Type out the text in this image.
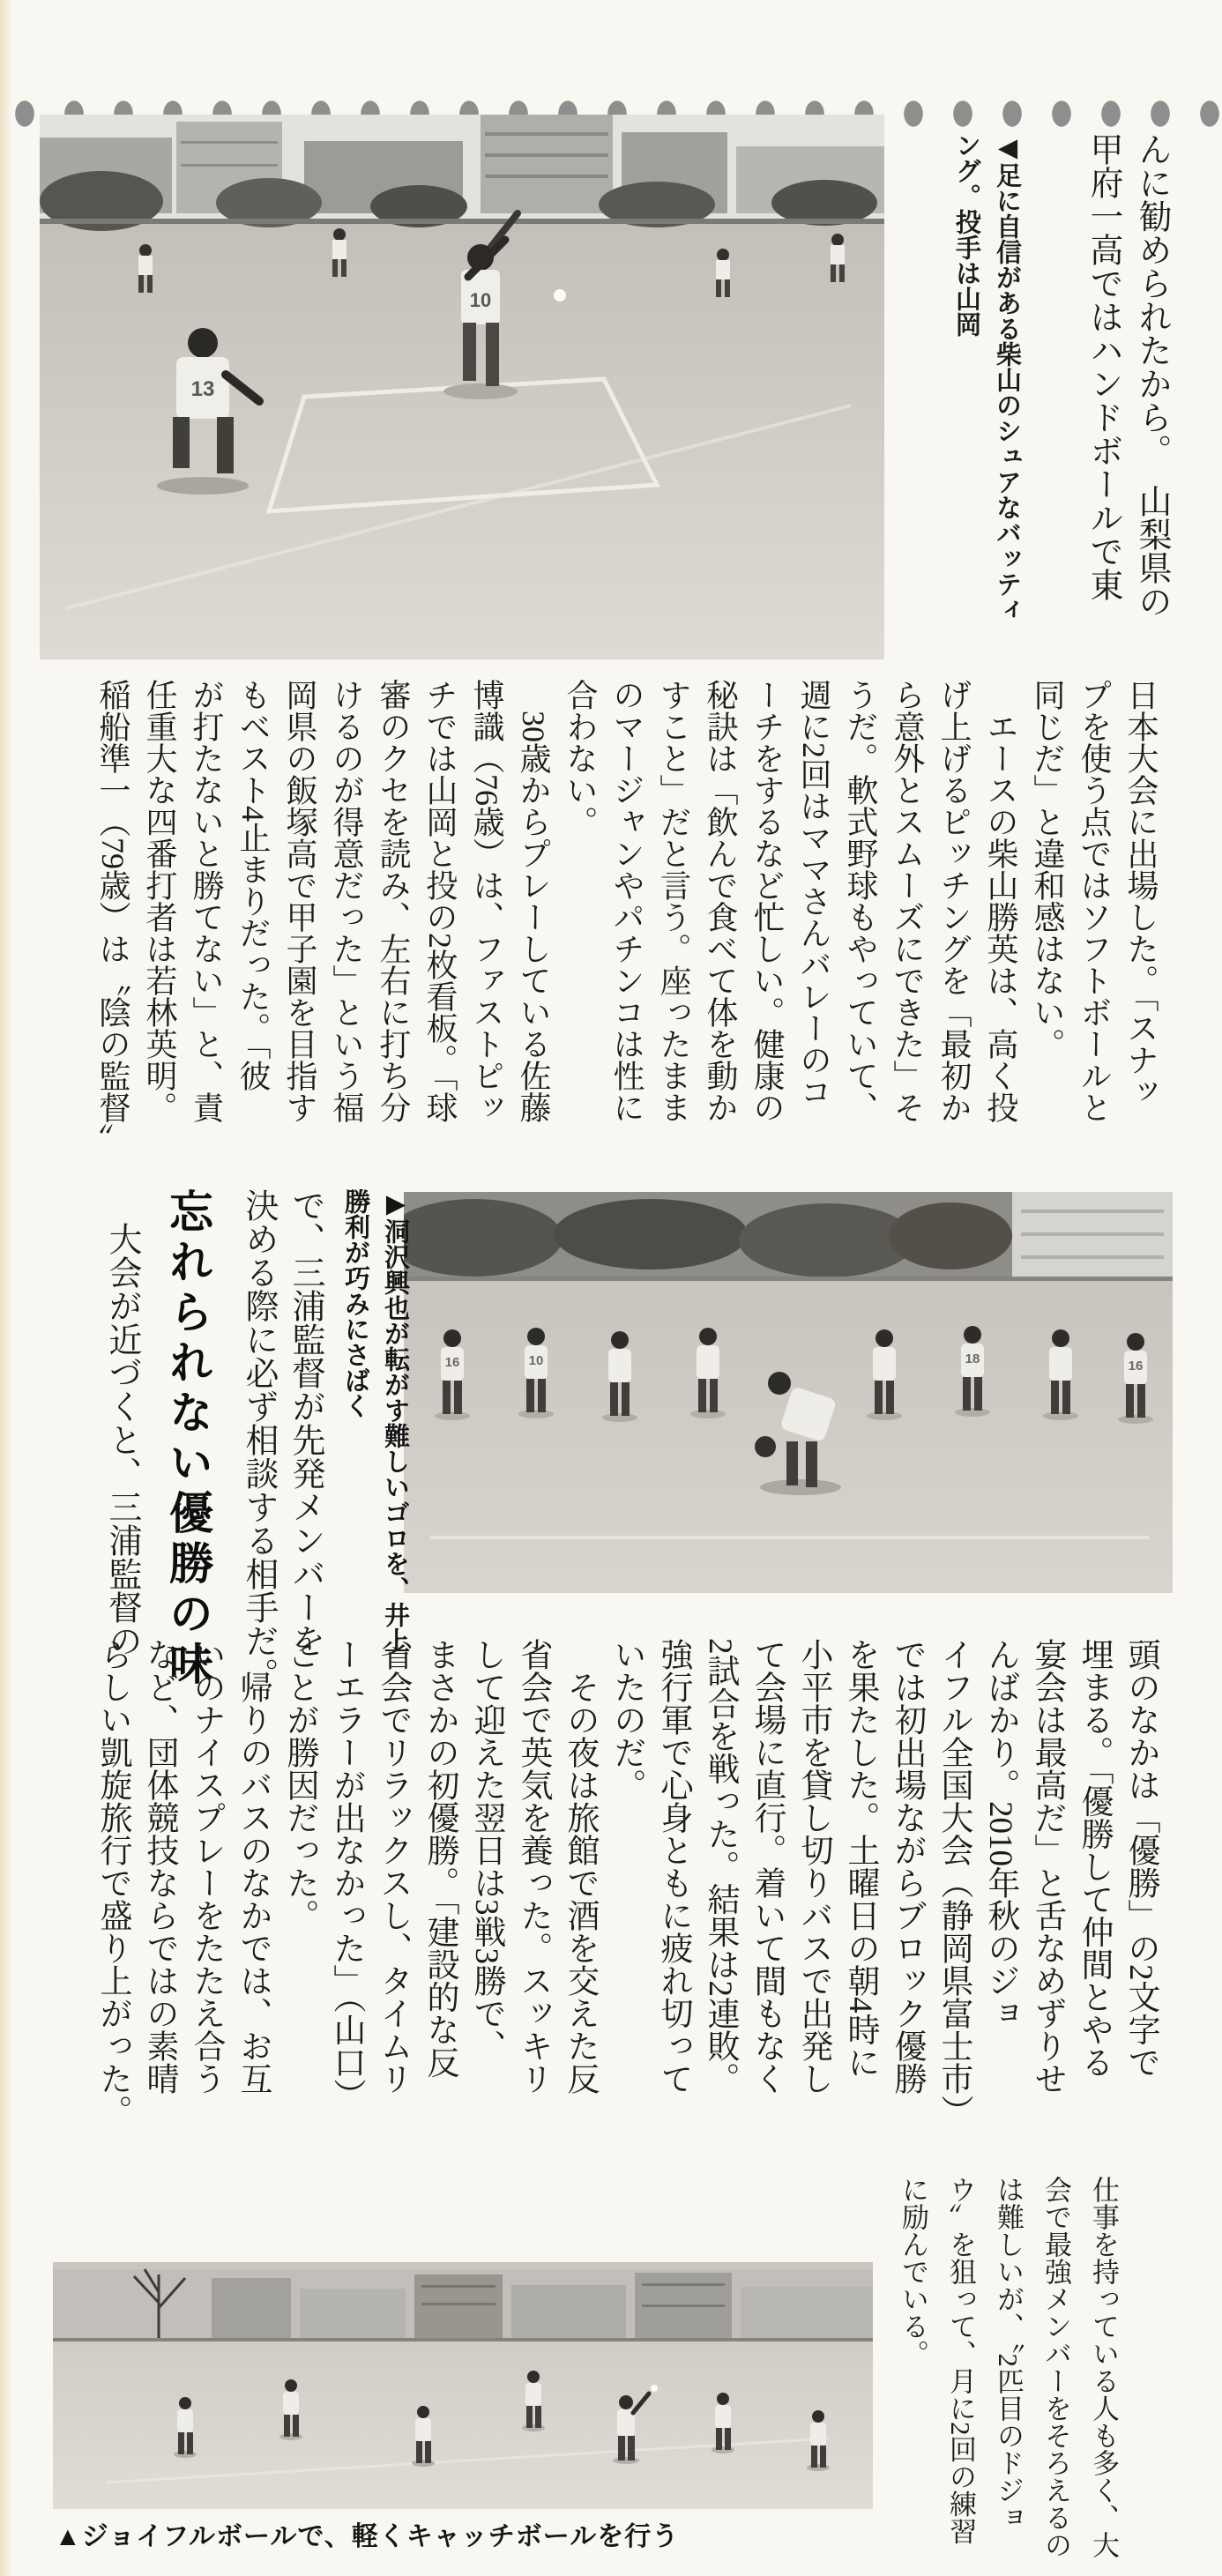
10
13	んに勧められたから。　山梨県の

甲府一高ではハンドボールで東

◀足に自信がある柴山のシュアなバッティ

ング。投手は山岡

日本大会に出場した。「スナッ

プを使う点ではソフトボールと

同じだ」と違和感はない。

　エースの柴山勝英は、高く投

げ上げるピッチングを「最初か

ら意外とスムーズにできた」そ

うだ。軟式野球もやっていて、

週に2回はママさんバレーのコ

ーチをするなど忙しい。健康の

秘訣は「飲んで食べて体を動か

すこと」だと言う。座ったまま

のマージャンやパチンコは性に

合わない。

　30歳からプレーしている佐藤

博識（76歳）は、ファストピッ

チでは山岡と投の2枚看板。「球

審のクセを読み、左右に打ち分

けるのが得意だった」という福

岡県の飯塚高で甲子園を目指す

もベスト4止まりだった。「彼

が打たないと勝てない」と、責

任重大な四番打者は若林英明。

稲船準一（79歳）は〝陰の監督〞

16	10	18	16

▶洞沢興也が転がす難しいゴロを、井上

勝利が巧みにさばく

で、三浦監督が先発メンバーを

決める際に必ず相談する相手だ。

忘れられない優勝の味

　大会が近づくと、三浦監督の

頭のなかは「優勝」の2文字で

埋まる。「優勝して仲間とやる

宴会は最高だ」と舌なめずりせ

んばかり。2010年秋のジョ

イフル全国大会（静岡県富士市）

では初出場ながらブロック優勝

を果たした。土曜日の朝4時に

小平市を貸し切りバスで出発し

て会場に直行。着いて間もなく

2試合を戦った。結果は2連敗。

強行軍で心身ともに疲れ切って

いたのだ。

　その夜は旅館で酒を交えた反

省会で英気を養った。スッキリ

して迎えた翌日は3戦3勝で、

まさかの初優勝。「建設的な反

省会でリラックスし、タイムリ

ーエラーが出なかった」（山口）

ことが勝因だった。

　帰りのバスのなかでは、お互

いのナイスプレーをたたえ合う

など、団体競技ならではの素晴

らしい凱旋旅行で盛り上がった。

仕事を持っている人も多く、大

会で最強メンバーをそろえるの

は難しいが、〝2匹目のドジョ

ウ〞を狙って、月に2回の練習

に励んでいる。

▲ジョイフルボールで、軽くキャッチボールを行う
